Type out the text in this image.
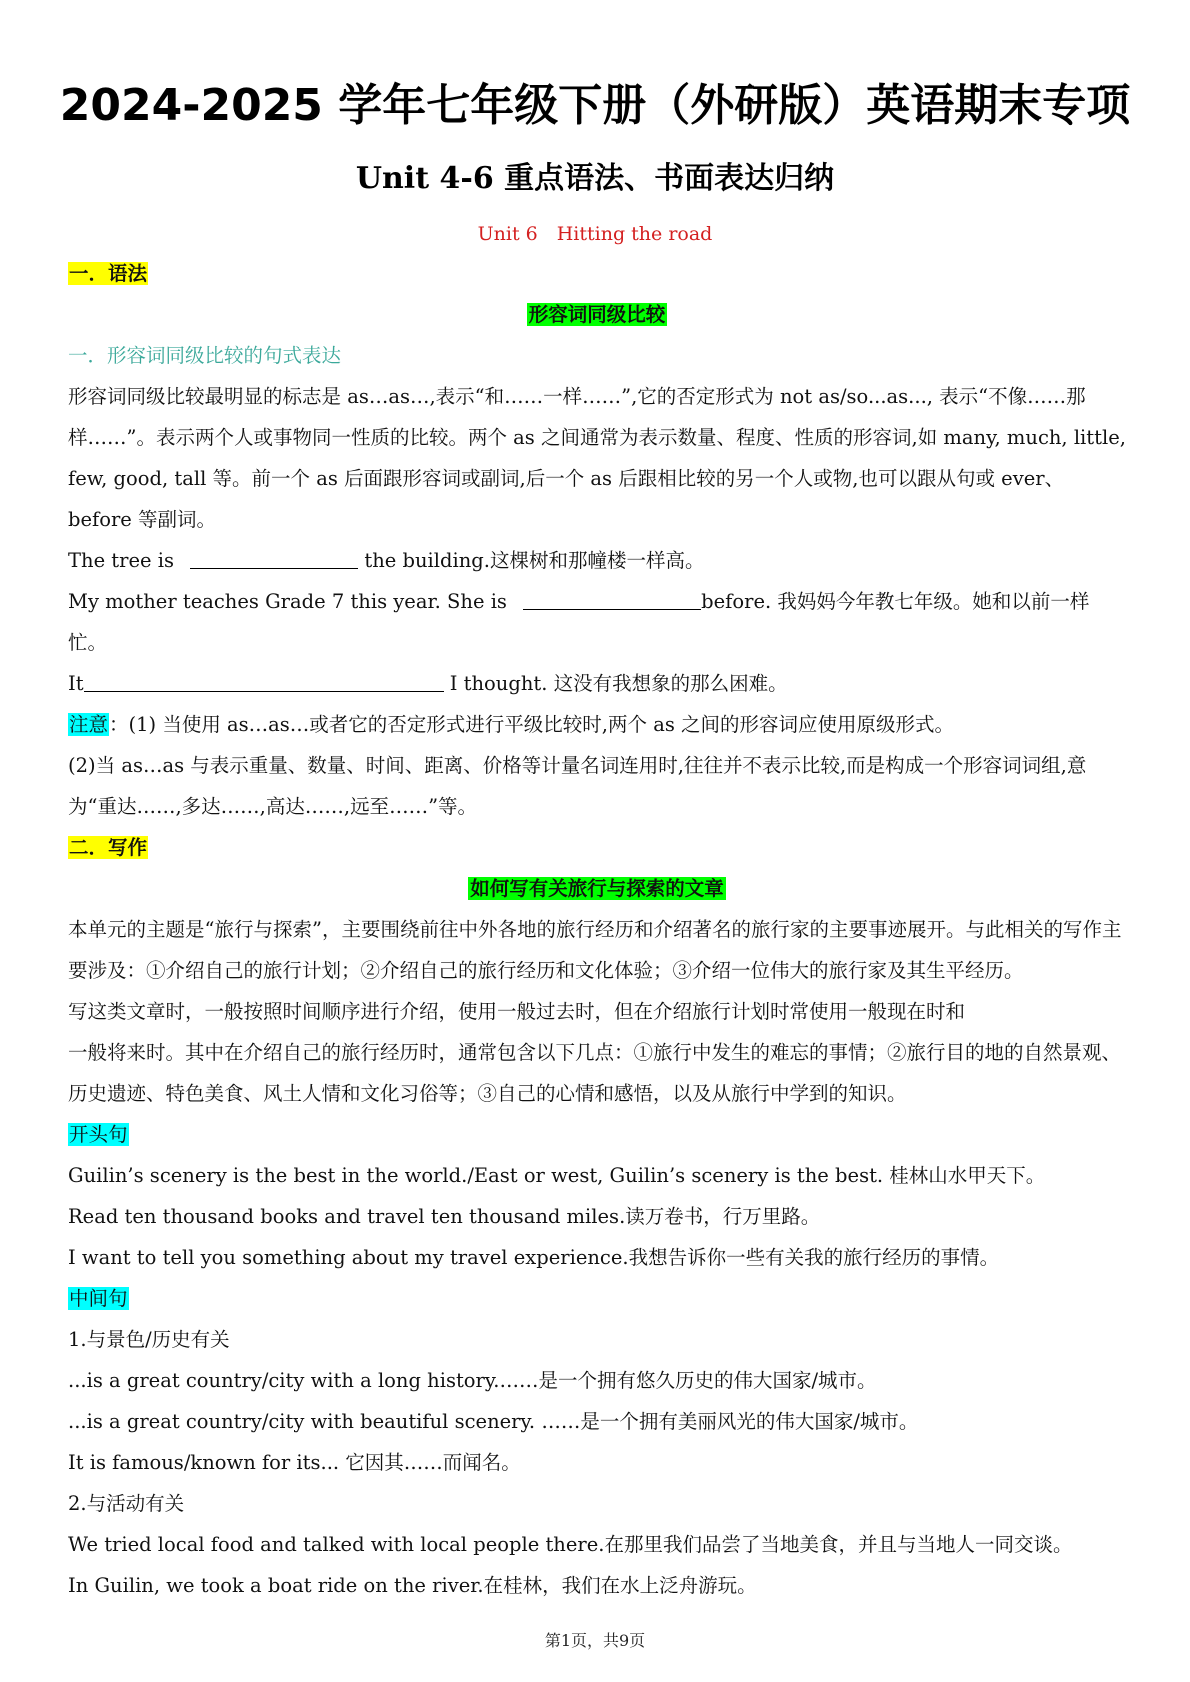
2024-2025 学年七年级下册（外研版）英语期末专项
Unit 4-6 重点语法、书面表达归纳
Unit 6　Hitting the road

一．语法

形容词同级比较

一．形容词同级比较的句式表达

形容词同级比较最明显的标志是 as…as…,表示“和……一样……”,它的否定形式为 not as/so...as..., 表示“不像……那样……”。表示两个人或事物同一性质的比较。两个 as 之间通常为表示数量、程度、性质的形容词,如 many, much, little, few, good, tall 等。前一个 as 后面跟形容词或副词,后一个 as 后跟相比较的另一个人或物,也可以跟从句或 ever、before 等副词。

The tree is	the building.这棵树和那幢楼一样高。

My mother teaches Grade 7 this year. She is	before. 我妈妈今年教七年级。她和以前一样忙。

It	I thought. 这没有我想象的那么困难。

注意：(1) 当使用 as…as…或者它的否定形式进行平级比较时,两个 as 之间的形容词应使用原级形式。

(2)当 as…as 与表示重量、数量、时间、距离、价格等计量名词连用时,往往并不表示比较,而是构成一个形容词词组,意为“重达……,多达……,高达……,远至……”等。

二．写作

如何写有关旅行与探索的文章

本单元的主题是“旅行与探索”，主要围绕前往中外各地的旅行经历和介绍著名的旅行家的主要事迹展开。与此相关的写作主要涉及：①介绍自己的旅行计划；②介绍自己的旅行经历和文化体验；③介绍一位伟大的旅行家及其生平经历。

写这类文章时，一般按照时间顺序进行介绍，使用一般过去时，但在介绍旅行计划时常使用一般现在时和

一般将来时。其中在介绍自己的旅行经历时，通常包含以下几点：①旅行中发生的难忘的事情；②旅行目的地的自然景观、历史遗迹、特色美食、风土人情和文化习俗等；③自己的心情和感悟，以及从旅行中学到的知识。

开头句

Guilin’s scenery is the best in the world./East or west, Guilin’s scenery is the best. 桂林山水甲天下。

Read ten thousand books and travel ten thousand miles.读万卷书，行万里路。

I want to tell you something about my travel experience.我想告诉你一些有关我的旅行经历的事情。

中间句

1.与景色/历史有关

...is a great country/city with a long history.……是一个拥有悠久历史的伟大国家/城市。

...is a great country/city with beautiful scenery. ……是一个拥有美丽风光的伟大国家/城市。

It is famous/known for its... 它因其……而闻名。

2.与活动有关

We tried local food and talked with local people there.在那里我们品尝了当地美食，并且与当地人一同交谈。

In Guilin, we took a boat ride on the river.在桂林，我们在水上泛舟游玩。

第1页，共9页
